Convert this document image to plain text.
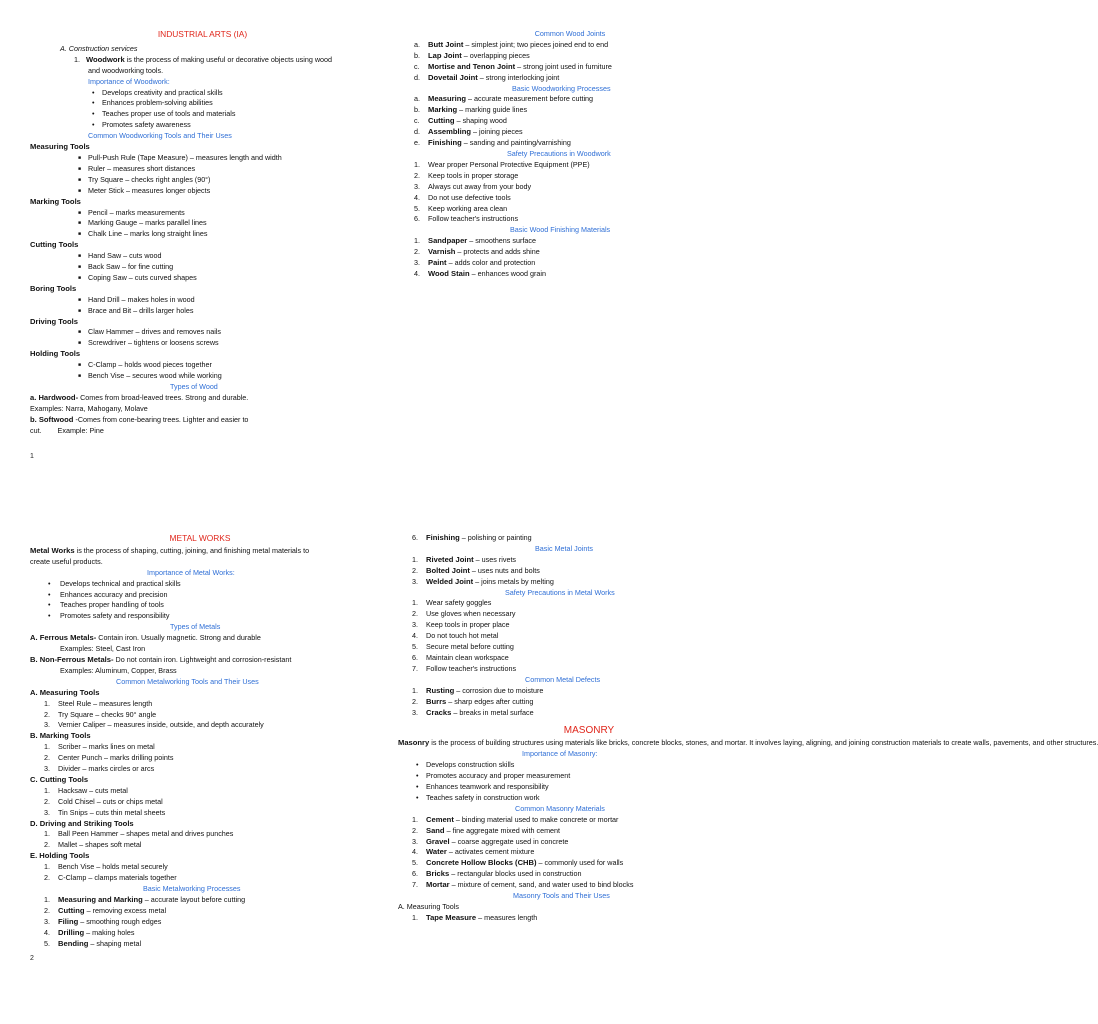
INDUSTRIAL ARTS (IA)

A. Construction services

1. Woodwork is the process of making useful or decorative objects using wood

and woodworking tools.

Importance of Woodwork:

• Develops creativity and practical skills
• Enhances problem-solving abilities
• Teaches proper use of tools and materials
• Promotes safety awareness

Common Woodworking Tools and Their Uses

Measuring Tools

■ Pull-Push Rule (Tape Measure) – measures length and width
■ Ruler – measures short distances
■ Try Square – checks right angles (90°)
■ Meter Stick – measures longer objects

Marking Tools

■ Pencil – marks measurements
■ Marking Gauge – marks parallel lines
■ Chalk Line – marks long straight lines

Cutting Tools

■ Hand Saw – cuts wood
■ Back Saw – for fine cutting
■ Coping Saw – cuts curved shapes

Boring Tools

■ Hand Drill – makes holes in wood
■ Brace and Bit – drills larger holes

Driving Tools

■ Claw Hammer – drives and removes nails
■ Screwdriver – tightens or loosens screws

Holding Tools

■ C-Clamp – holds wood pieces together
■ Bench Vise – secures wood while working

Types of Wood

a. Hardwood- Comes from broad-leaved trees. Strong and durable.

Examples: Narra, Mahogany, Molave

b. Softwood -Comes from cone-bearing trees. Lighter and easier to

cut.        Example: Pine

Common Wood Joints

a. Butt Joint – simplest joint; two pieces joined end to end
b. Lap Joint – overlapping pieces
c. Mortise and Tenon Joint – strong joint used in furniture
d. Dovetail Joint – strong interlocking joint

Basic Woodworking Processes

a. Measuring – accurate measurement before cutting
b. Marking – marking guide lines
c. Cutting – shaping wood
d. Assembling – joining pieces
e. Finishing – sanding and painting/varnishing

Safety Precautions in Woodwork

1. Wear proper Personal Protective Equipment (PPE)
2. Keep tools in proper storage
3. Always cut away from your body
4. Do not use defective tools
5. Keep working area clean
6. Follow teacher's instructions

Basic Wood Finishing Materials

1. Sandpaper – smoothens surface
2. Varnish – protects and adds shine
3. Paint – adds color and protection
4. Wood Stain – enhances wood grain
1

METAL WORKS

Metal Works is the process of shaping, cutting, joining, and finishing metal materials to

create useful products.

Importance of Metal Works:

• Develops technical and practical skills
• Enhances accuracy and precision
• Teaches proper handling of tools
• Promotes safety and responsibility

Types of Metals

A. Ferrous Metals- Contain iron. Usually magnetic. Strong and durable

Examples: Steel, Cast Iron

B. Non-Ferrous Metals- Do not contain iron. Lightweight and corrosion-resistant

Examples: Aluminum, Copper, Brass

Common Metalworking Tools and Their Uses

A. Measuring Tools

1. Steel Rule – measures length
2. Try Square – checks 90° angle
3. Vernier Caliper – measures inside, outside, and depth accurately

B. Marking Tools

1. Scriber – marks lines on metal
2. Center Punch – marks drilling points
3. Divider – marks circles or arcs

C. Cutting Tools

1. Hacksaw – cuts metal
2. Cold Chisel – cuts or chips metal
3. Tin Snips – cuts thin metal sheets

D. Driving and Striking Tools

1. Ball Peen Hammer – shapes metal and drives punches
2. Mallet – shapes soft metal

E. Holding Tools

1. Bench Vise – holds metal securely
2. C-Clamp – clamps materials together

Basic Metalworking Processes

1. Measuring and Marking – accurate layout before cutting
2. Cutting – removing excess metal
3. Filing – smoothing rough edges
4. Drilling – making holes
5. Bending – shaping metal
6. Finishing – polishing or painting

Basic Metal Joints

1. Riveted Joint – uses rivets
2. Bolted Joint – uses nuts and bolts
3. Welded Joint – joins metals by melting

Safety Precautions in Metal Works

1. Wear safety goggles
2. Use gloves when necessary
3. Keep tools in proper place
4. Do not touch hot metal
5. Secure metal before cutting
6. Maintain clean workspace
7. Follow teacher's instructions

Common Metal Defects

1. Rusting – corrosion due to moisture
2. Burrs – sharp edges after cutting
3. Cracks – breaks in metal surface

MASONRY

Masonry is the process of building structures using materials like bricks, concrete blocks, stones, and mortar. It involves laying, aligning, and joining construction materials to create walls, pavements, and other structures.

Importance of Masonry:

• Develops construction skills
• Promotes accuracy and proper measurement
• Enhances teamwork and responsibility
• Teaches safety in construction work

Common Masonry Materials

1. Cement – binding material used to make concrete or mortar
2. Sand – fine aggregate mixed with cement
3. Gravel – coarse aggregate used in concrete
4. Water – activates cement mixture
5. Concrete Hollow Blocks (CHB) – commonly used for walls
6. Bricks – rectangular blocks used in construction
7. Mortar – mixture of cement, sand, and water used to bind blocks

Masonry Tools and Their Uses

A. Measuring Tools

1. Tape Measure – measures length
2
